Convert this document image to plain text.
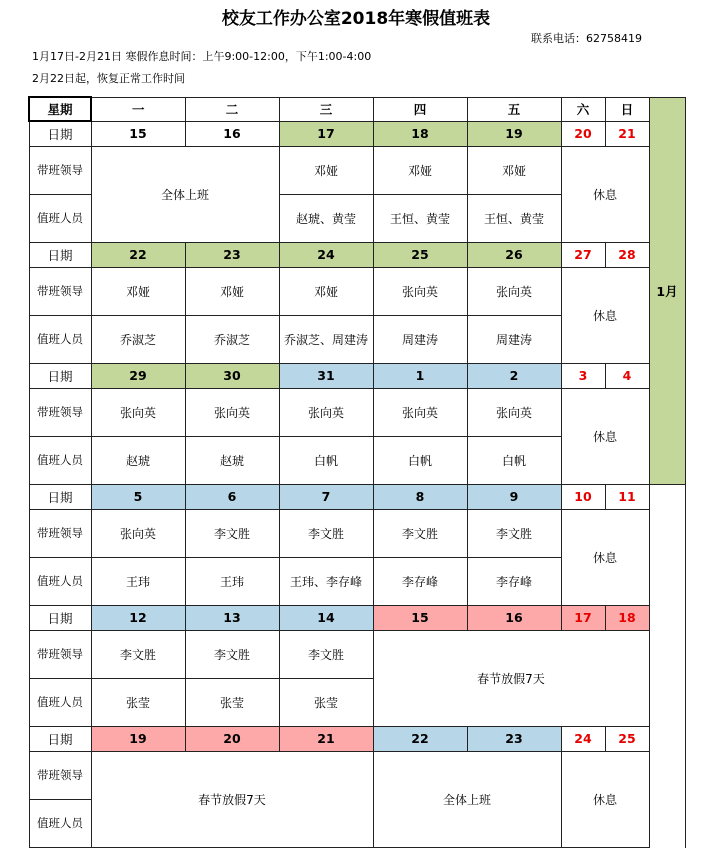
校友工作办公室2018年寒假值班表
联系电话：62758419
1月17日-2月21日 寒假作息时间：上午9:00-12:00，下午1:00-4:00
2月22日起，恢复正常工作时间
星期	一	二	三	四	五	六	日	1月	
日期	15	16	17	18	19	20	21		
带班领导	全体上班		邓娅	邓娅	邓娅	休息			
值班人员			赵琥、黄莹	王恒、黄莹	王恒、黄莹				
日期	22	23	24	25	26	27	28		
带班领导	邓娅	邓娅	邓娅	张向英	张向英	休息			
值班人员	乔淑芝	乔淑芝	乔淑芝、周建涛	周建涛	周建涛				
日期	29	30	31	1	2	3	4	
带班领导	张向英	张向英	张向英	张向英	张向英	休息			
值班人员	赵琥	赵琥	白帆	白帆	白帆				
日期	5	6	7	8	9	10	11		
带班领导	张向英	李文胜	李文胜	李文胜	李文胜	休息			
值班人员	王玮	王玮	王玮、李存峰	李存峰	李存峰				
日期	12	13	14	15	16	17	18		
带班领导	李文胜	李文胜	李文胜	春节放假7天					
值班人员	张莹	张莹	张莹						
日期	19	20	21	22	23	24	25		
带班领导	春节放假7天			全体上班		休息			
值班人员									
